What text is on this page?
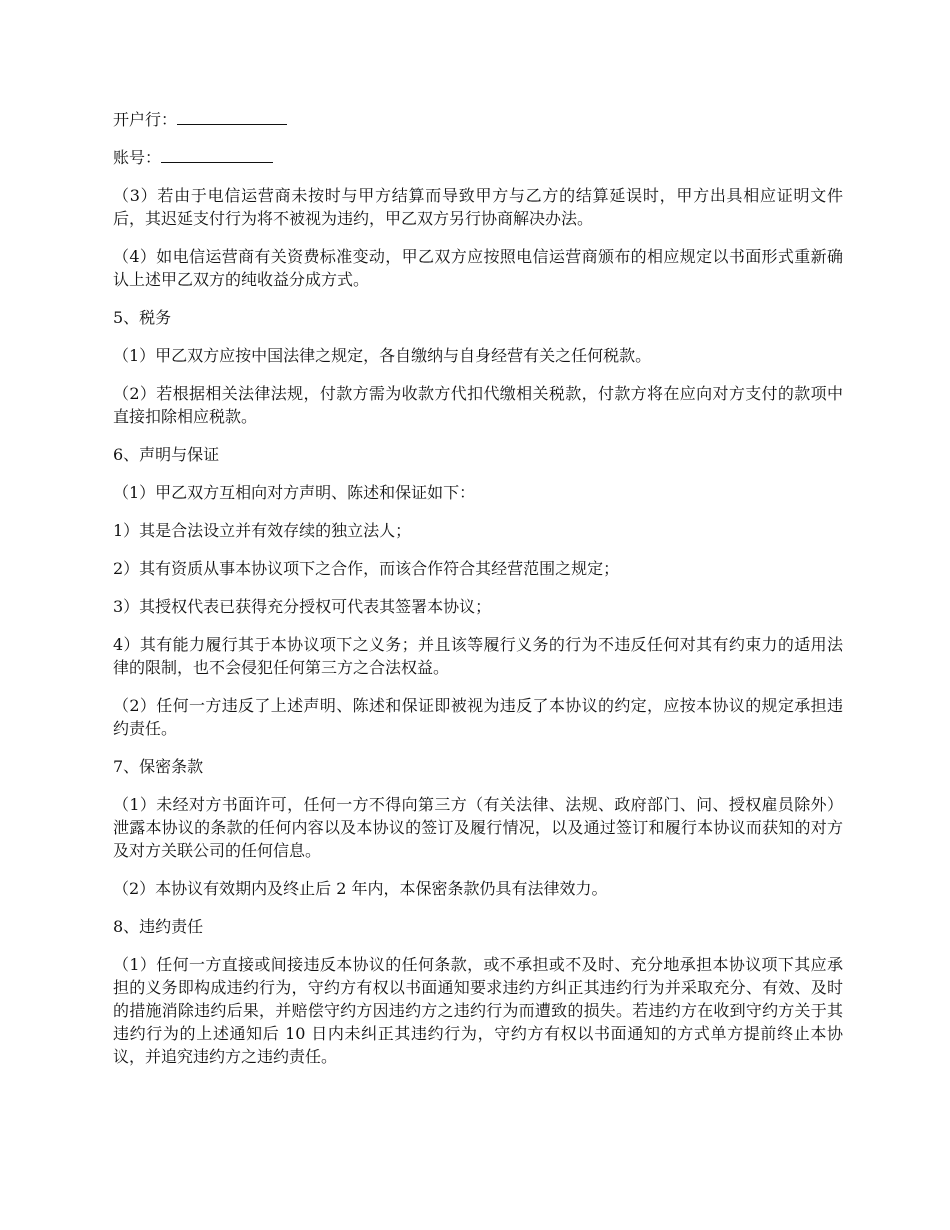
开户行：

账号：

（3）若由于电信运营商未按时与甲方结算而导致甲方与乙方的结算延误时，甲方出具相应证明文件后，其迟延支付行为将不被视为违约，甲乙双方另行协商解决办法。

（4）如电信运营商有关资费标准变动，甲乙双方应按照电信运营商颁布的相应规定以书面形式重新确认上述甲乙双方的纯收益分成方式。

5、税务

（1）甲乙双方应按中国法律之规定，各自缴纳与自身经营有关之任何税款。

（2）若根据相关法律法规，付款方需为收款方代扣代缴相关税款，付款方将在应向对方支付的款项中直接扣除相应税款。

6、声明与保证

（1）甲乙双方互相向对方声明、陈述和保证如下：

1）其是合法设立并有效存续的独立法人；

2）其有资质从事本协议项下之合作，而该合作符合其经营范围之规定；

3）其授权代表已获得充分授权可代表其签署本协议；

4）其有能力履行其于本协议项下之义务；并且该等履行义务的行为不违反任何对其有约束力的适用法律的限制，也不会侵犯任何第三方之合法权益。

（2）任何一方违反了上述声明、陈述和保证即被视为违反了本协议的约定，应按本协议的规定承担违约责任。

7、保密条款

（1）未经对方书面许可，任何一方不得向第三方（有关法律、法规、政府部门、问、授权雇员除外）泄露本协议的条款的任何内容以及本协议的签订及履行情况，以及通过签订和履行本协议而获知的对方及对方关联公司的任何信息。

（2）本协议有效期内及终止后 2 年内，本保密条款仍具有法律效力。

8、违约责任

（1）任何一方直接或间接违反本协议的任何条款，或不承担或不及时、充分地承担本协议项下其应承担的义务即构成违约行为，守约方有权以书面通知要求违约方纠正其违约行为并采取充分、有效、及时的措施消除违约后果，并赔偿守约方因违约方之违约行为而遭致的损失。若违约方在收到守约方关于其违约行为的上述通知后 10 日内未纠正其违约行为，守约方有权以书面通知的方式单方提前终止本协议，并追究违约方之违约责任。
